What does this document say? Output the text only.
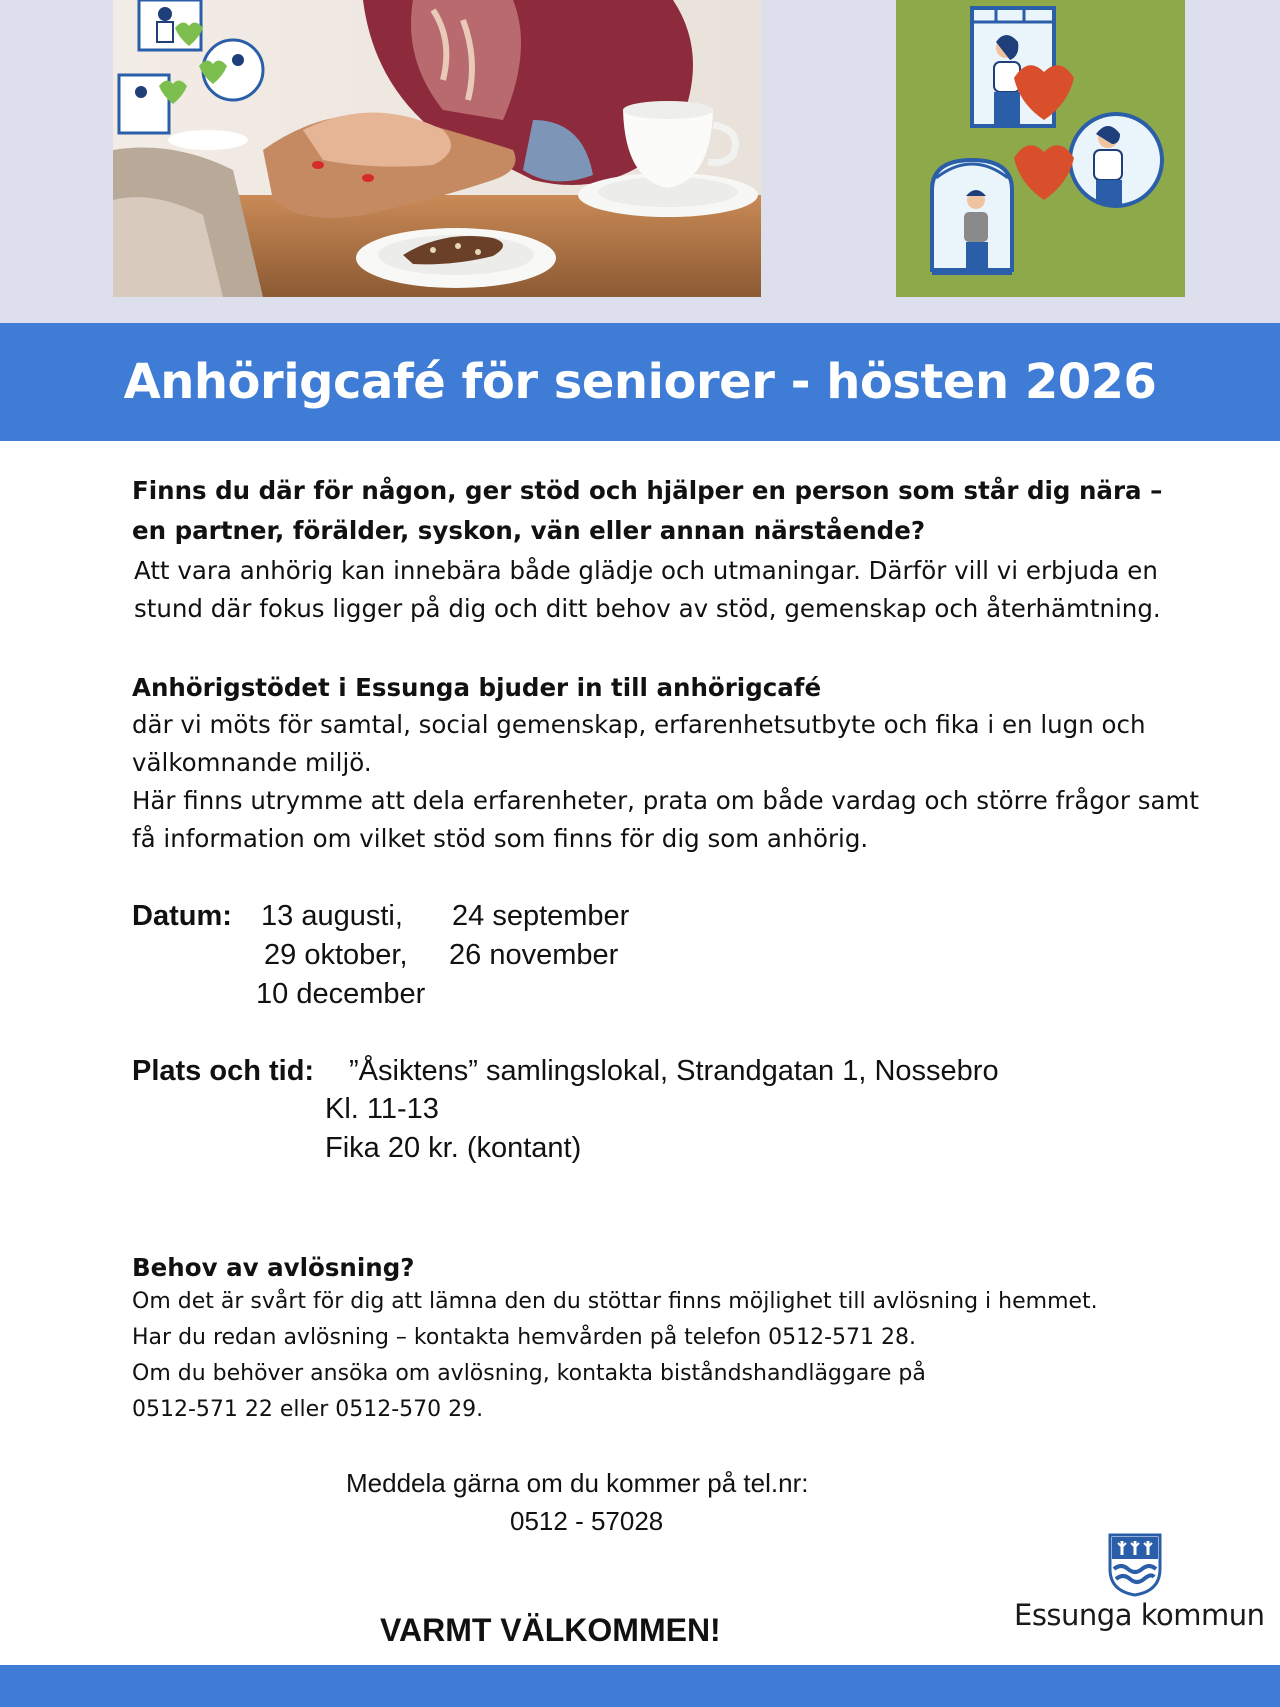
Anhörigcafé för seniorer - hösten 2026

Finns du där för någon, ger stöd och hjälper en person som står dig nära – en partner, förälder, syskon, vän eller annan närstående?

Att vara anhörig kan innebära både glädje och utmaningar. Därför vill vi erbjuda en stund där fokus ligger på dig och ditt behov av stöd, gemenskap och återhämtning.

Anhörigstödet i Essunga bjuder in till anhörigcafé

där vi möts för samtal, social gemenskap, erfarenhetsutbyte och fika i en lugn och välkomnande miljö.

Här finns utrymme att dela erfarenheter, prata om både vardag och större frågor samt få information om vilket stöd som finns för dig som anhörig.

Datum: 13 augusti, 24 september
29 oktober, 26 november
10 december
Plats och tid: ”Åsiktens” samlingslokal, Strandgatan 1, Nossebro
Kl. 11-13
Fika 20 kr. (kontant)

Behov av avlösning?

Om det är svårt för dig att lämna den du stöttar finns möjlighet till avlösning i hemmet.

Har du redan avlösning – kontakta hemvården på telefon 0512-571 28.

Om du behöver ansöka om avlösning, kontakta biståndshandläggare på

0512-571 22 eller 0512-570 29.

Meddela gärna om du kommer på tel.nr:
0512 - 57028
VARMT VÄLKOMMEN!	Essunga kommun
